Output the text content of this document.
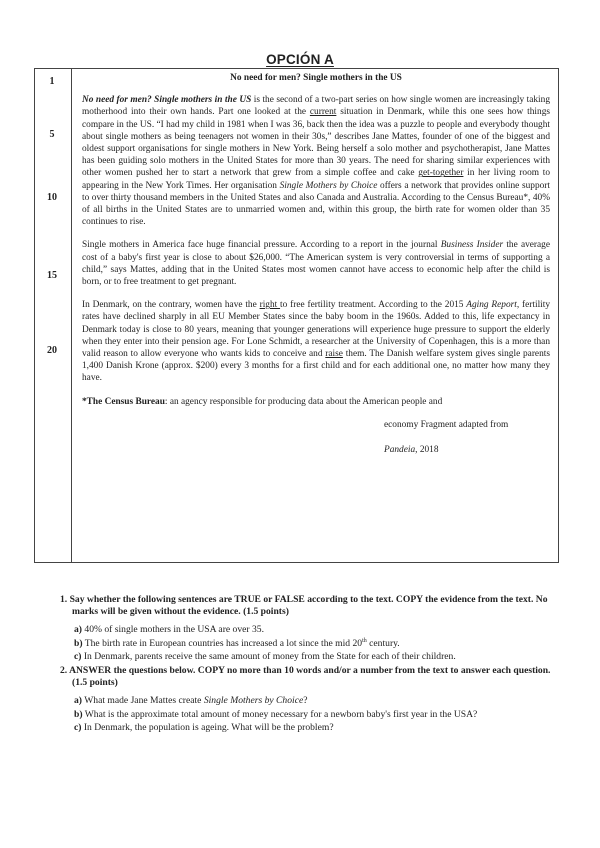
OPCIÓN A
1
5
10
15
20

No need for men? Single mothers in the US

No need for men? Single mothers in the US is the second of a two-part series on how single women are increasingly taking motherhood into their own hands. Part one looked at the current situation in Denmark, while this one sees how things compare in the US. “I had my child in 1981 when I was 36, back then the idea was a puzzle to people and everybody thought about single mothers as being teenagers not women in their 30s,” describes Jane Mattes, founder of one of the biggest and oldest support organisations for single mothers in New York. Being herself a solo mother and psychotherapist, Jane Mattes has been guiding solo mothers in the United States for more than 30 years. The need for sharing similar experiences with other women pushed her to start a network that grew from a simple coffee and cake get-together in her living room to appearing in the New York Times. Her organisation Single Mothers by Choice offers a network that provides online support to over thirty thousand members in the United States and also Canada and Australia. According to the Census Bureau*, 40% of all births in the United States are to unmarried women and, within this group, the birth rate for women older than 35 continues to rise.

Single mothers in America face huge financial pressure. According to a report in the journal Business Insider the average cost of a baby's first year is close to about $26,000. “The American system is very controversial in terms of supporting a child,” says Mattes, adding that in the United States most women cannot have access to economic help after the child is born, or to free treatment to get pregnant.

In Denmark, on the contrary, women have the right to free fertility treatment. According to the 2015 Aging Report, fertility rates have declined sharply in all EU Member States since the baby boom in the 1960s. Added to this, life expectancy in Denmark today is close to 80 years, meaning that younger generations will experience huge pressure to support the elderly when they enter into their pension age. For Lone Schmidt, a researcher at the University of Copenhagen, this is a more than valid reason to allow everyone who wants kids to conceive and raise them. The Danish welfare system gives single parents 1,400 Danish Krone (approx. $200) every 3 months for a first child and for each additional one, no matter how many they have.

*The Census Bureau: an agency responsible for producing data about the American people and

economy Fragment adapted from

Pandeia, 2018

1. Say whether the following sentences are TRUE or FALSE according to the text. COPY the evidence from the text. No marks will be given without the evidence. (1.5 points)

a) 40% of single mothers in the USA are over 35.
b) The birth rate in European countries has increased a lot since the mid 20th century.
c) In Denmark, parents receive the same amount of money from the State for each of their children.

2. ANSWER the questions below. COPY no more than 10 words and/or a number from the text to answer each question. (1.5 points)

a) What made Jane Mattes create Single Mothers by Choice?
b) What is the approximate total amount of money necessary for a newborn baby's first year in the USA?
c) In Denmark, the population is ageing. What will be the problem?
